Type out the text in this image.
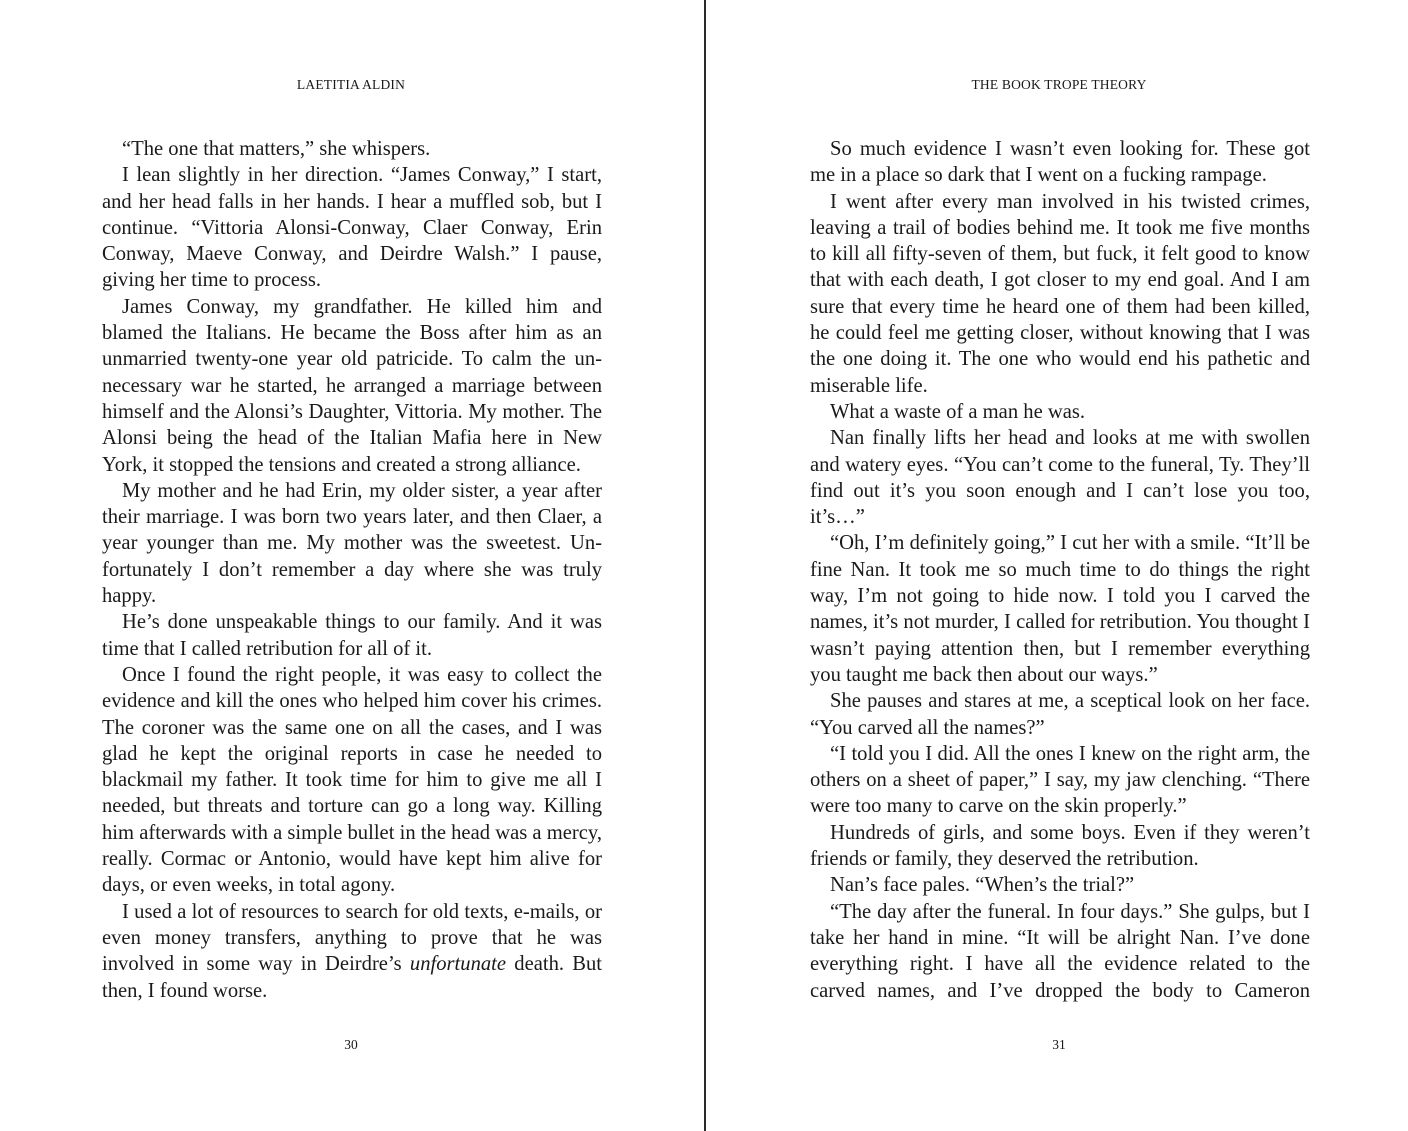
LAETITIA ALDIN

“The one that matters,” she whispers.

I lean slightly in her direction. “James Conway,” I start, and her head falls in her hands. I hear a muffled sob, but I continue. “Vittoria Alonsi-Conway, Claer Conway, Erin Conway, Maeve Conway, and Deirdre Walsh.” I pause, giving her time to process.

James Conway, my grandfather. He killed him and blamed the Italians. He became the Boss after him as an unmarried twenty-one year old patricide. To calm the unnecessary war he started, he arranged a marriage between himself and the Alonsi’s Daughter, Vittoria. My mother. The Alonsi being the head of the Italian Mafia here in New York, it stopped the tensions and created a strong alliance.

My mother and he had Erin, my older sister, a year after their marriage. I was born two years later, and then Claer, a year younger than me. My mother was the sweetest. Unfortunately I don’t remember a day where she was truly happy.

He’s done unspeakable things to our family. And it was time that I called retribution for all of it.

Once I found the right people, it was easy to collect the evidence and kill the ones who helped him cover his crimes. The coroner was the same one on all the cases, and I was glad he kept the original reports in case he needed to blackmail my father. It took time for him to give me all I needed, but threats and torture can go a long way. Killing him afterwards with a simple bullet in the head was a mercy, really. Cormac or Antonio, would have kept him alive for days, or even weeks, in total agony.

I used a lot of resources to search for old texts, e-mails, or even money transfers, anything to prove that he was involved in some way in Deirdre’s unfortunate death. But then, I found worse.

30
THE BOOK TROPE THEORY

So much evidence I wasn’t even looking for. These got me in a place so dark that I went on a fucking rampage.

I went after every man involved in his twisted crimes, leaving a trail of bodies behind me. It took me five months to kill all fifty-seven of them, but fuck, it felt good to know that with each death, I got closer to my end goal. And I am sure that every time he heard one of them had been killed, he could feel me getting closer, without knowing that I was the one doing it. The one who would end his pathetic and miserable life.

What a waste of a man he was.

Nan finally lifts her head and looks at me with swollen and watery eyes. “You can’t come to the funeral, Ty. They’ll find out it’s you soon enough and I can’t lose you too, it’s…”

“Oh, I’m definitely going,” I cut her with a smile. “It’ll be fine Nan. It took me so much time to do things the right way, I’m not going to hide now. I told you I carved the names, it’s not murder, I called for retribution. You thought I wasn’t paying attention then, but I remember everything you taught me back then about our ways.”

She pauses and stares at me, a sceptical look on her face. “You carved all the names?”

“I told you I did. All the ones I knew on the right arm, the others on a sheet of paper,” I say, my jaw clenching. “There were too many to carve on the skin properly.”

Hundreds of girls, and some boys. Even if they weren’t friends or family, they deserved the retribution.

Nan’s face pales. “When’s the trial?”

“The day after the funeral. In four days.” She gulps, but I take her hand in mine. “It will be alright Nan. I’ve done everything right. I have all the evidence related to the carved names, and I’ve dropped the body to Cameron

31
